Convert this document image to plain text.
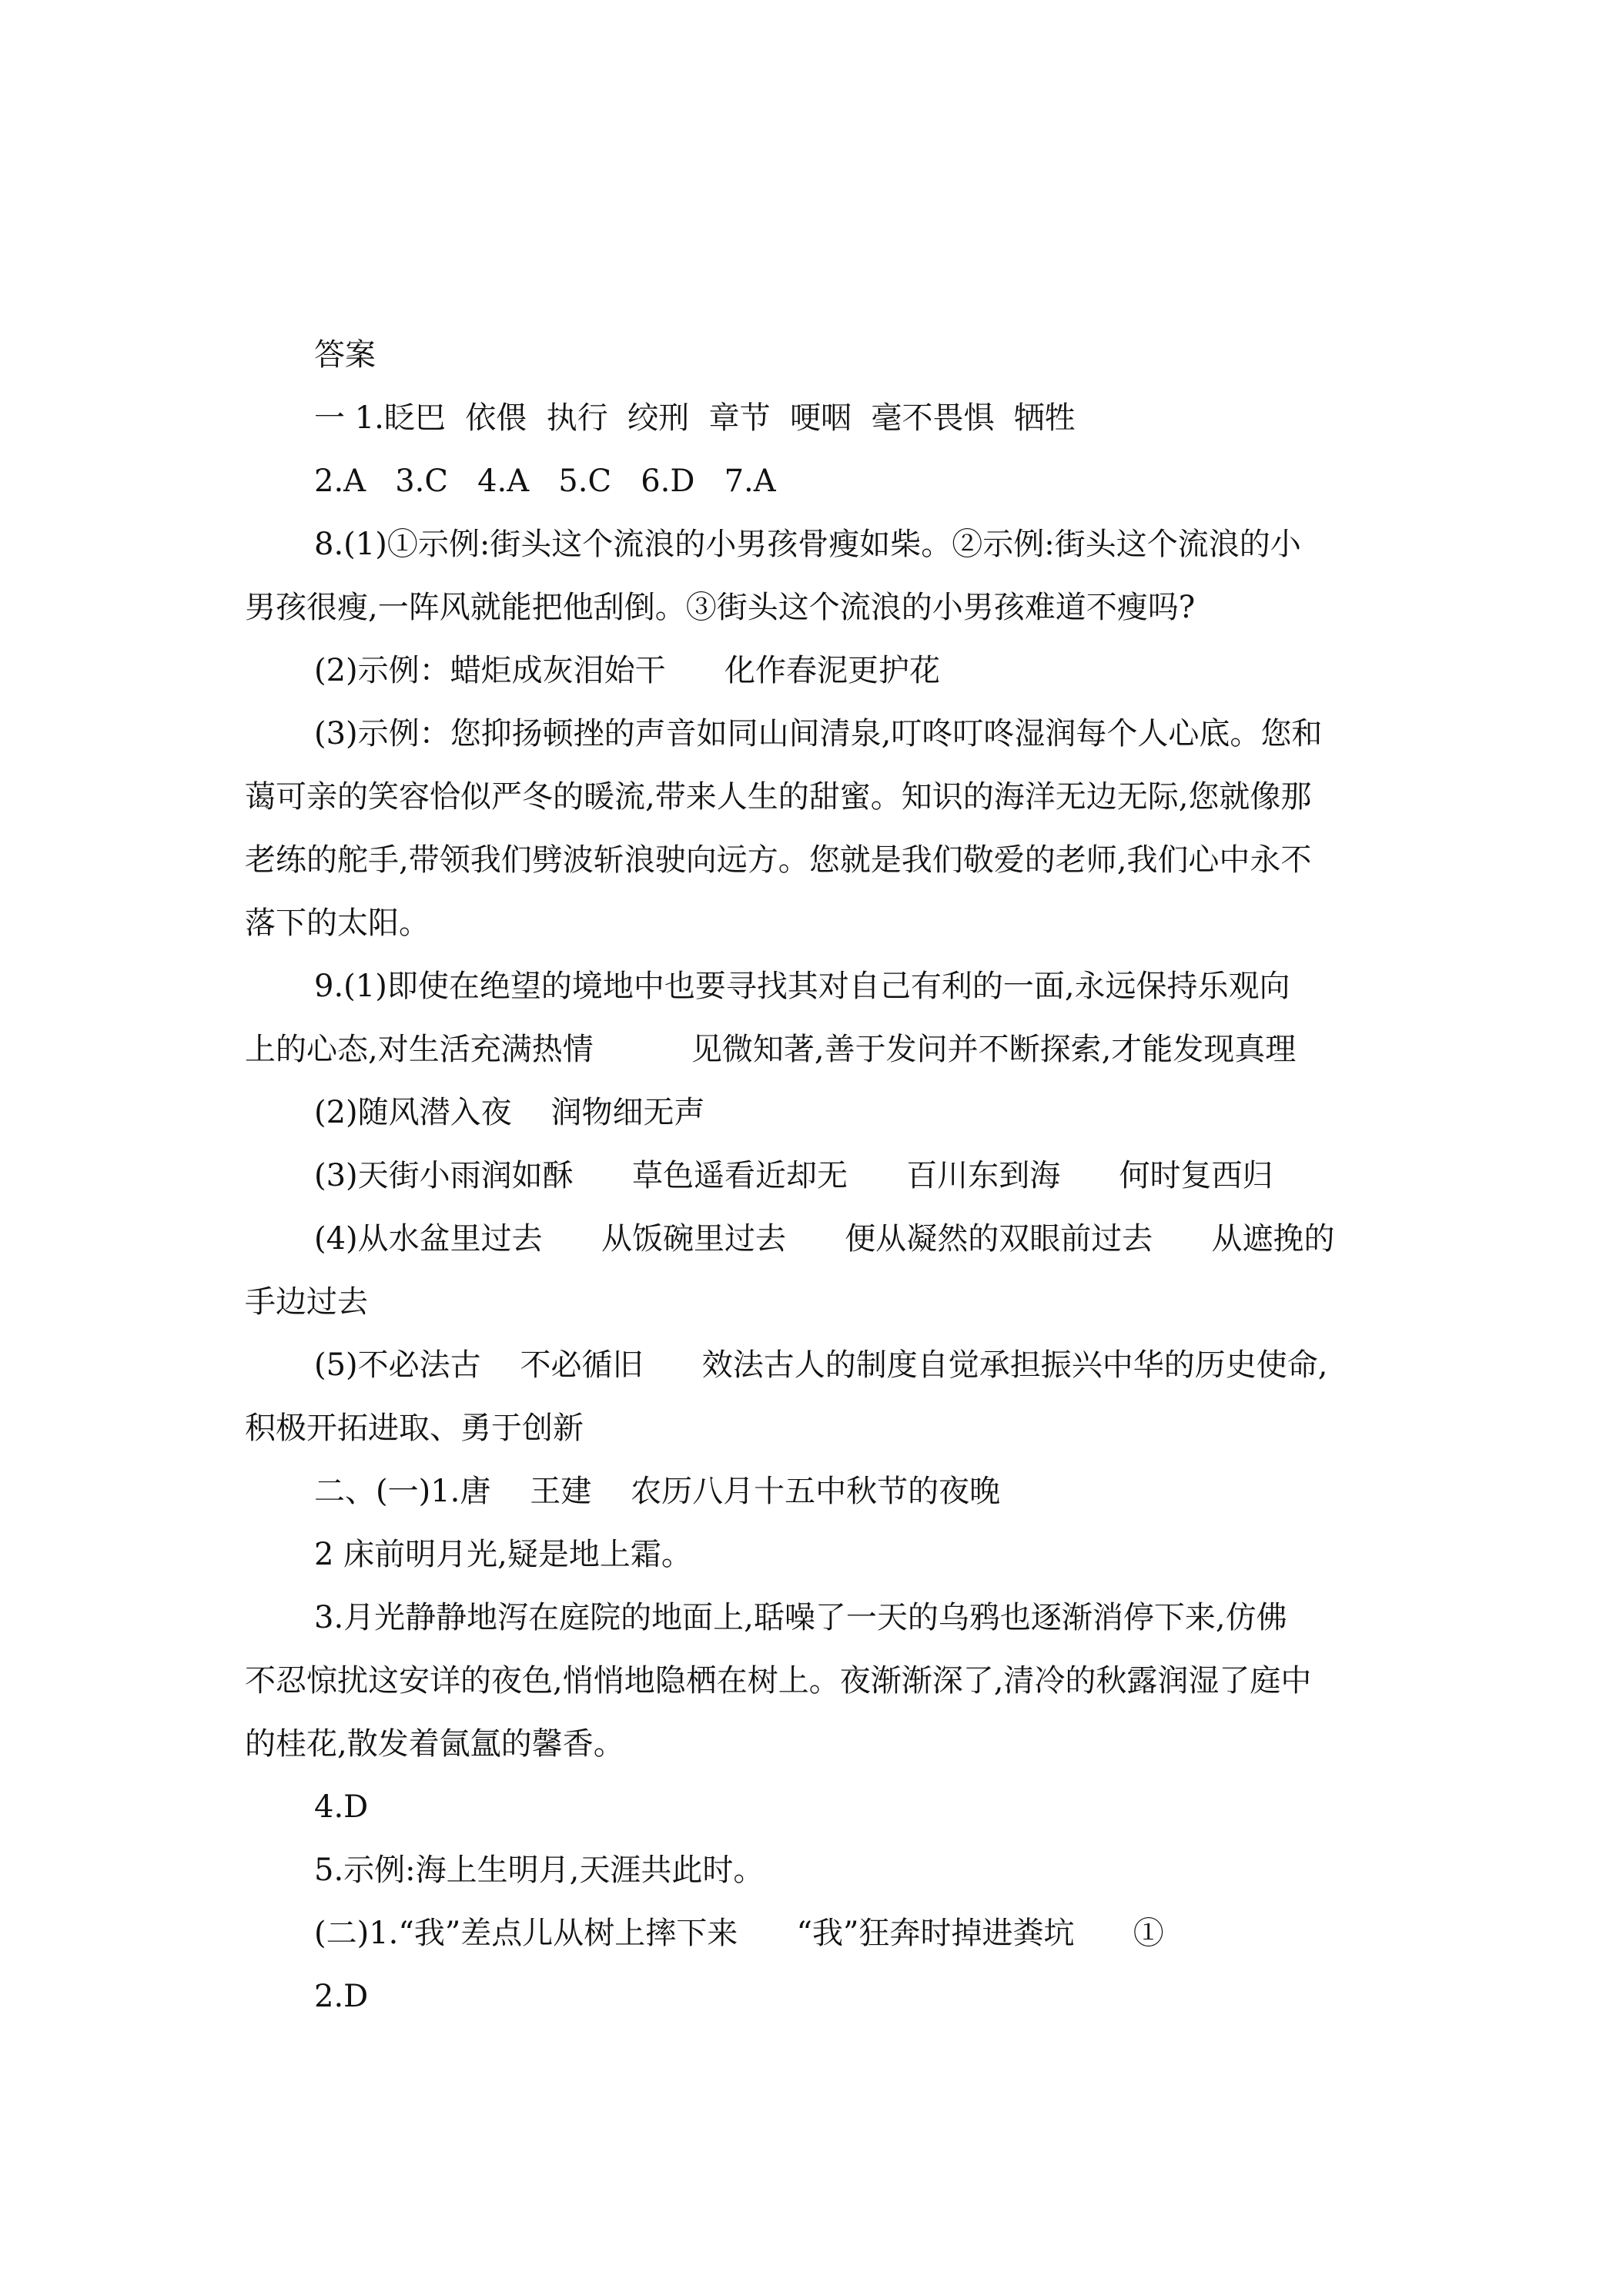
答案

一 1.眨巴  依偎  执行  绞刑  章节  哽咽  毫不畏惧  牺牲

2.A   3.C   4.A   5.C   6.D   7.A

8.(1)①示例:街头这个流浪的小男孩骨瘦如柴。②示例:街头这个流浪的小

男孩很瘦,一阵风就能把他刮倒。③街头这个流浪的小男孩难道不瘦吗?

(2)示例：蜡炬成灰泪始干      化作春泥更护花

(3)示例：您抑扬顿挫的声音如同山间清泉,叮咚叮咚湿润每个人心底。您和

蔼可亲的笑容恰似严冬的暖流,带来人生的甜蜜。知识的海洋无边无际,您就像那

老练的舵手,带领我们劈波斩浪驶向远方。您就是我们敬爱的老师,我们心中永不

落下的太阳。

9.(1)即使在绝望的境地中也要寻找其对自己有利的一面,永远保持乐观向

上的心态,对生活充满热情          见微知著,善于发问并不断探索,才能发现真理

(2)随风潜入夜    润物细无声

(3)天街小雨润如酥      草色遥看近却无      百川东到海      何时复西归

(4)从水盆里过去      从饭碗里过去      便从凝然的双眼前过去      从遮挽的

手边过去

(5)不必法古    不必循旧      效法古人的制度自觉承担振兴中华的历史使命,

积极开拓进取、勇于创新

二、(一)1.唐    王建    农历八月十五中秋节的夜晚

2 床前明月光,疑是地上霜。

3.月光静静地泻在庭院的地面上,聒噪了一天的乌鸦也逐渐消停下来,仿佛

不忍惊扰这安详的夜色,悄悄地隐栖在树上。夜渐渐深了,清冷的秋露润湿了庭中

的桂花,散发着氤氲的馨香。

4.D

5.示例:海上生明月,天涯共此时。

(二)1.“我”差点儿从树上摔下来      “我”狂奔时掉进粪坑      ①

2.D
